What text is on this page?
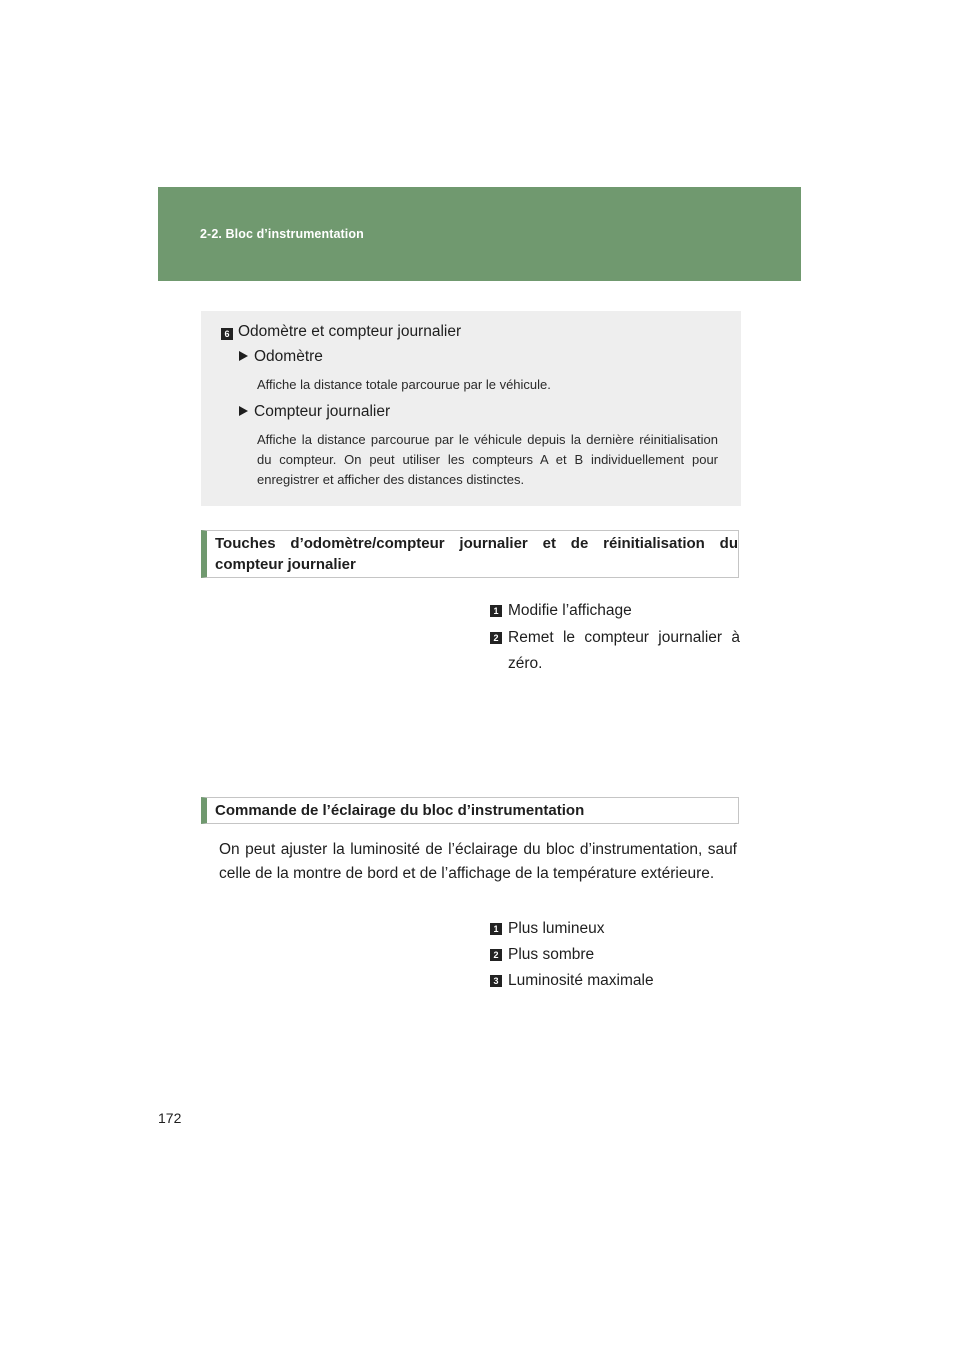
2-2. Bloc d’instrumentation
6 Odomètre et compteur journalier
Odomètre
Affiche la distance totale parcourue par le véhicule.
Compteur journalier
Affiche la distance parcourue par le véhicule depuis la dernière réinitialisation du compteur. On peut utiliser les compteurs A et B individuellement pour enregistrer et afficher des distances distinctes.
Touches d’odomètre/compteur journalier et de réinitialisation du compteur journalier
1 Modifie l’affichage
2 Remet le compteur journalier à zéro.
Commande de l’éclairage du bloc d’instrumentation
On peut ajuster la luminosité de l’éclairage du bloc d’instrumentation, sauf celle de la montre de bord et de l’affichage de la température extérieure.
1 Plus lumineux
2 Plus sombre
3 Luminosité maximale
172
